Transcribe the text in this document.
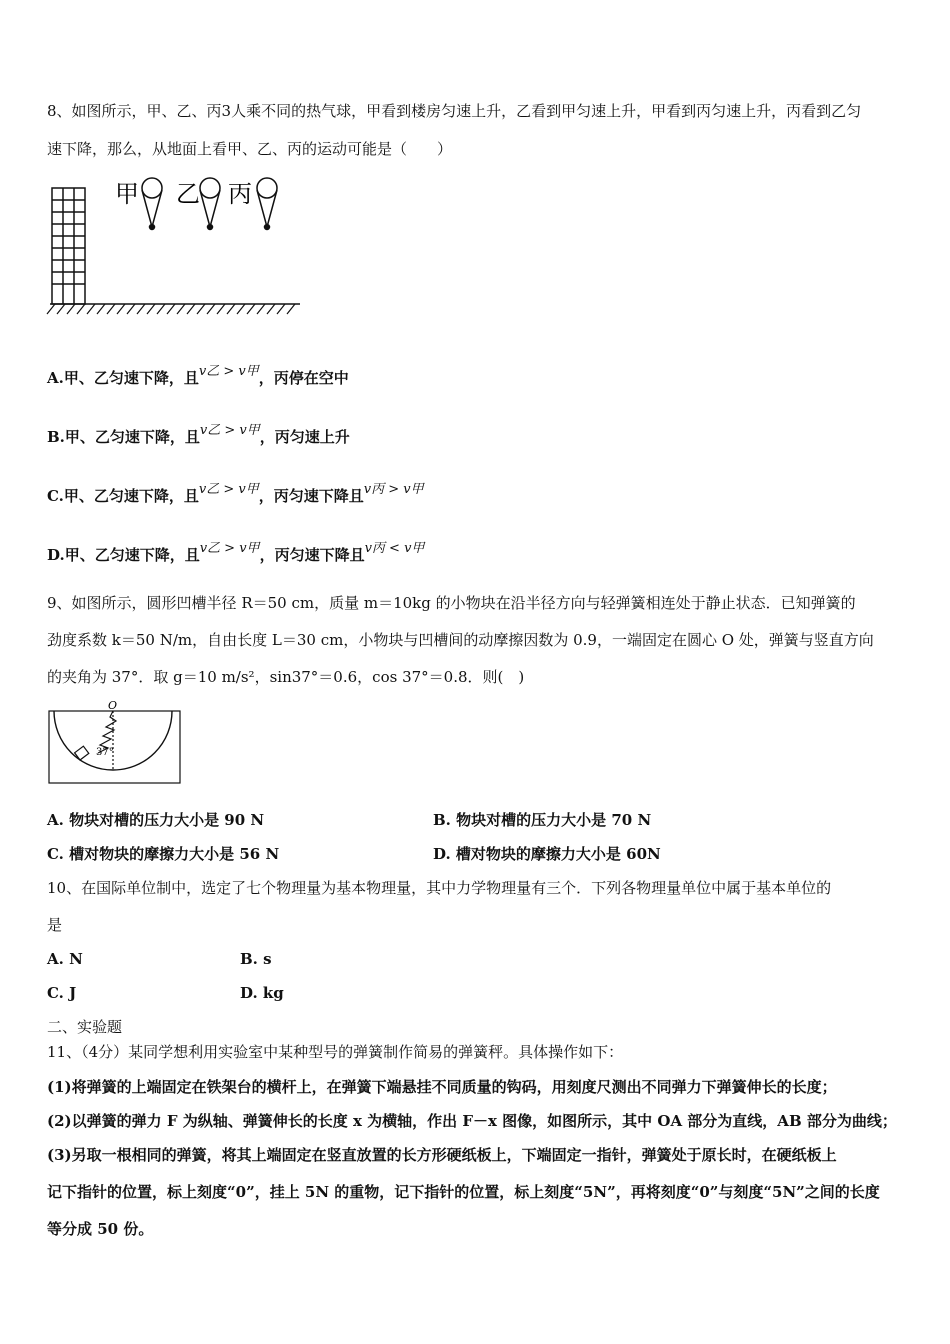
8、如图所示，甲、乙、丙3人乘不同的热气球，甲看到楼房匀速上升，乙看到甲匀速上升，甲看到丙匀速上升，丙看到乙匀
速下降，那么，从地面上看甲、乙、丙的运动可能是（　　）
甲 乙 丙
A.甲、乙匀速下降，且v乙 > v甲，丙停在空中
B.甲、乙匀速下降，且v乙 > v甲，丙匀速上升
C.甲、乙匀速下降，且v乙 > v甲，丙匀速下降且v丙 > v甲
D.甲、乙匀速下降，且v乙 > v甲，丙匀速下降且v丙 < v甲
9、如图所示，圆形凹槽半径 R＝50 cm，质量 m＝10kg 的小物块在沿半径方向与轻弹簧相连处于静止状态．已知弹簧的
劲度系数 k＝50 N/m，自由长度 L＝30 cm，小物块与凹槽间的动摩擦因数为 0.9，一端固定在圆心 O 处，弹簧与竖直方向
的夹角为 37°．取 g＝10 m/s²，sin37°＝0.6，cos 37°＝0.8．则(　)
O
37°
A. 物块对槽的压力大小是 90 N	B. 物块对槽的压力大小是 70 N
C. 槽对物块的摩擦力大小是 56 N	D. 槽对物块的摩擦力大小是 60N
10、在国际单位制中，选定了七个物理量为基本物理量，其中力学物理量有三个．下列各物理量单位中属于基本单位的
是
A. N	B. s
C. J	D. kg
二、实验题
11、（4分）某同学想利用实验室中某种型号的弹簧制作简易的弹簧秤。具体操作如下：
(1)将弹簧的上端固定在铁架台的横杆上，在弹簧下端悬挂不同质量的钩码，用刻度尺测出不同弹力下弹簧伸长的长度；
(2)以弹簧的弹力 F 为纵轴、弹簧伸长的长度 x 为横轴，作出 F－x 图像，如图所示，其中 OA 部分为直线，AB 部分为曲线；
(3)另取一根相同的弹簧，将其上端固定在竖直放置的长方形硬纸板上，下端固定一指针，弹簧处于原长时，在硬纸板上
记下指针的位置，标上刻度“0”，挂上 5N 的重物，记下指针的位置，标上刻度“5N”，再将刻度“0”与刻度“5N”之间的长度
等分成 50 份。
